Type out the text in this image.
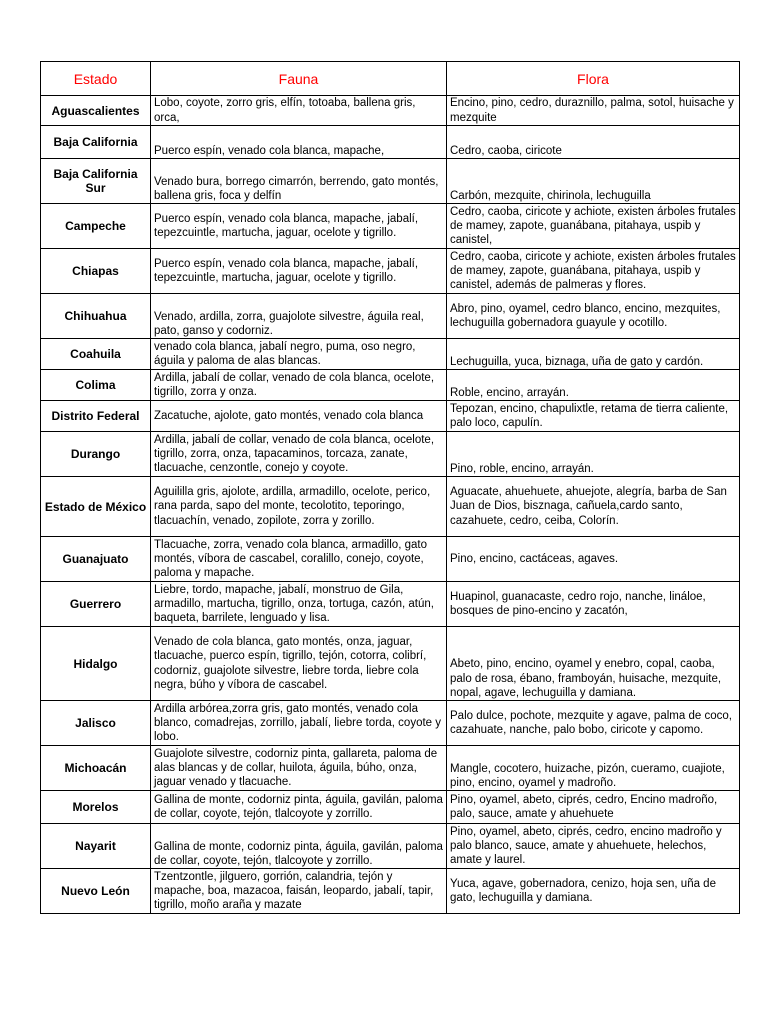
Estado	Fauna	Flora
Aguascalientes	Lobo, coyote, zorro gris, elfín, totoaba, ballena gris, orca,	Encino, pino, cedro, duraznillo, palma, sotol, huisache y mezquite
Baja California	Puerco espín, venado cola blanca, mapache,	Cedro, caoba, ciricote
Baja California Sur	Venado bura, borrego cimarrón, berrendo, gato montés, ballena gris, foca y delfín	Carbón, mezquite, chirinola, lechuguilla
Campeche	Puerco espín, venado cola blanca, mapache, jabalí, tepezcuintle, martucha, jaguar, ocelote y tigrillo.	Cedro, caoba, ciricote y achiote, existen árboles frutales de mamey, zapote, guanábana, pitahaya, uspib y canistel,
Chiapas	Puerco espín, venado cola blanca, mapache, jabalí, tepezcuintle, martucha, jaguar, ocelote y tigrillo.	Cedro, caoba, ciricote y achiote, existen árboles frutales de mamey, zapote, guanábana, pitahaya, uspib y canistel, además de palmeras y flores.
Chihuahua	Venado, ardilla, zorra, guajolote silvestre, águila real, pato, ganso y codorniz.	Abro, pino, oyamel, cedro blanco, encino, mezquites, lechuguilla gobernadora guayule y ocotillo.
Coahuila	venado cola blanca, jabalí negro, puma, oso negro, águila y paloma de alas blancas.	Lechuguilla, yuca, biznaga, uña de gato y cardón.
Colima	Ardilla, jabalí de collar, venado de cola blanca, ocelote, tigrillo, zorra y onza.	Roble, encino, arrayán.
Distrito Federal	Zacatuche, ajolote, gato montés, venado cola blanca	Tepozan, encino, chapulixtle, retama de tierra caliente, palo loco, capulín.
Durango	Ardilla, jabalí de collar, venado de cola blanca, ocelote, tigrillo, zorra, onza, tapacaminos, torcaza, zanate, tlacuache, cenzontle, conejo y coyote.	Pino, roble, encino, arrayán.
Estado de México	Aguililla gris, ajolote, ardilla, armadillo, ocelote, perico, rana parda, sapo del monte, tecolotito, teporingo, tlacuachín, venado, zopilote, zorra y zorillo.	Aguacate, ahuehuete, ahuejote, alegría, barba de San Juan de Dios, bisznaga, cañuela,cardo santo, cazahuete, cedro, ceiba, Colorín.
Guanajuato	Tlacuache, zorra, venado cola blanca, armadillo, gato montés, víbora de cascabel, coralillo, conejo, coyote, paloma y mapache.	Pino, encino, cactáceas, agaves.
Guerrero	Liebre, tordo, mapache, jabalí, monstruo de Gila, armadillo, martucha, tigrillo, onza, tortuga, cazón, atún, baqueta, barrilete, lenguado y lisa.	Huapinol, guanacaste, cedro rojo, nanche, lináloe, bosques de pino-encino y zacatón,
Hidalgo	Venado de cola blanca, gato montés, onza, jaguar, tlacuache, puerco espín, tigrillo, tejón, cotorra, colibrí, codorniz, guajolote silvestre, liebre torda, liebre cola negra, búho y víbora de cascabel.	Abeto, pino, encino, oyamel y enebro, copal, caoba, palo de rosa, ébano, framboyán, huisache, mezquite, nopal, agave, lechuguilla y damiana.
Jalisco	Ardilla arbórea,zorra gris, gato montés, venado cola blanco, comadrejas, zorrillo, jabalí, liebre torda, coyote y lobo.	Palo dulce, pochote, mezquite y agave, palma de coco, cazahuate, nanche, palo bobo, ciricote y capomo.
Michoacán	Guajolote silvestre, codorniz pinta, gallareta, paloma de alas blancas y de collar, huilota, águila, búho, onza, jaguar venado y tlacuache.	Mangle, cocotero, huizache, pizón, cueramo, cuajiote, pino, encino, oyamel y madroño.
Morelos	Gallina de monte, codorniz pinta, águila, gavilán, paloma de collar, coyote, tejón, tlalcoyote y zorrillo.	Pino, oyamel, abeto, ciprés, cedro, Encino madroño, palo, sauce, amate y ahuehuete
Nayarit	Gallina de monte, codorniz pinta, águila, gavilán, paloma de collar, coyote, tejón, tlalcoyote y zorrillo.	Pino, oyamel, abeto, ciprés, cedro, encino madroño y palo blanco, sauce, amate y ahuehuete, helechos, amate y laurel.
Nuevo León	Tzentzontle, jilguero, gorrión, calandria, tejón y mapache, boa, mazacoa, faisán, leopardo, jabalí, tapir, tigrillo, moño araña y mazate	Yuca, agave, gobernadora, cenizo, hoja sen, uña de gato, lechuguilla y damiana.
